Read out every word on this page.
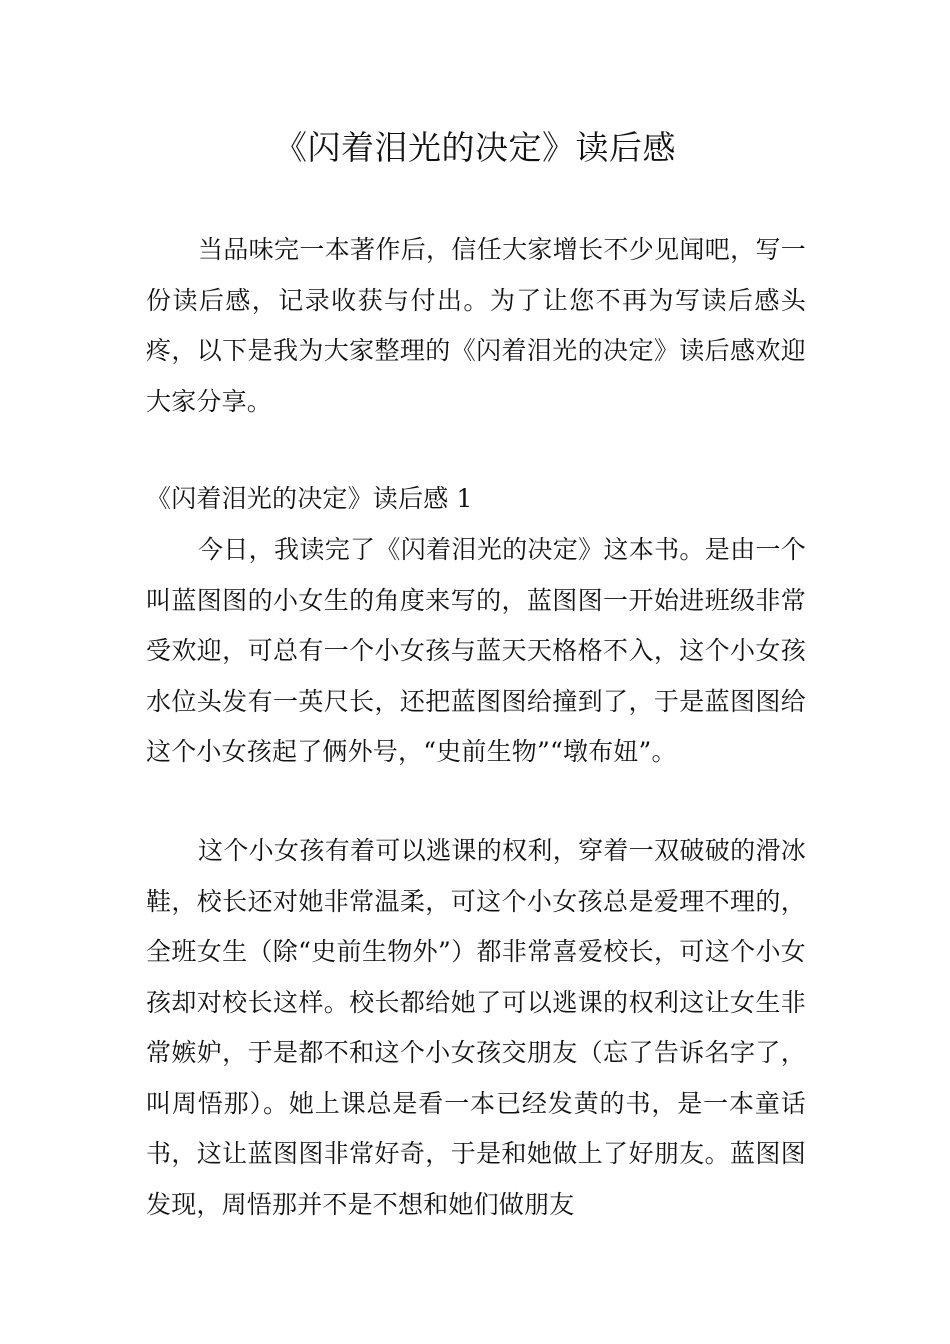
《闪着泪光的决定》读后感

当品味完一本著作后，信任大家增长不少见闻吧，写一份读后感，记录收获与付出。为了让您不再为写读后感头疼，以下是我为大家整理的《闪着泪光的决定》读后感欢迎大家分享。

《闪着泪光的决定》读后感 1

今日，我读完了《闪着泪光的决定》这本书。是由一个叫蓝图图的小女生的角度来写的，蓝图图一开始进班级非常受欢迎，可总有一个小女孩与蓝天天格格不入，这个小女孩水位头发有一英尺长，还把蓝图图给撞到了，于是蓝图图给这个小女孩起了俩外号，“史前生物”“墩布妞”。

这个小女孩有着可以逃课的权利，穿着一双破破的滑冰鞋，校长还对她非常温柔，可这个小女孩总是爱理不理的，全班女生（除“史前生物外”）都非常喜爱校长，可这个小女孩却对校长这样。校长都给她了可以逃课的权利这让女生非常嫉妒，于是都不和这个小女孩交朋友（忘了告诉名字了，叫周悟那）。她上课总是看一本已经发黄的书，是一本童话书，这让蓝图图非常好奇，于是和她做上了好朋友。蓝图图发现，周悟那并不是不想和她们做朋友
